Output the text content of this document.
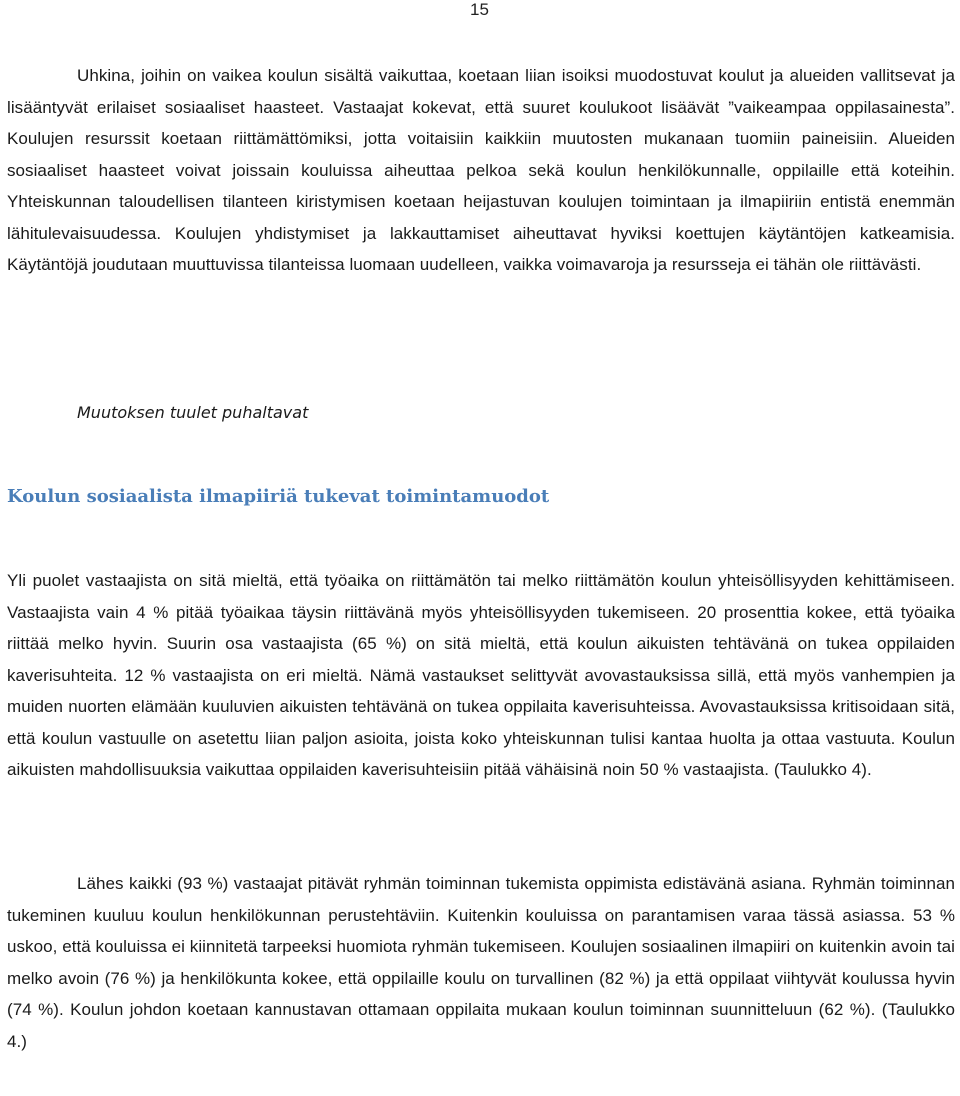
15

Uhkina, joihin on vaikea koulun sisältä vaikuttaa, koetaan liian isoiksi muodostuvat koulut ja alueiden vallitsevat ja lisääntyvät erilaiset sosiaaliset haasteet. Vastaajat kokevat, että suuret koulukoot lisäävät ”vaikeampaa oppilasainesta”. Koulujen resurssit koetaan riittämättömiksi, jotta voitaisiin kaikkiin muutosten mukanaan tuomiin paineisiin. Alueiden sosiaaliset haasteet voivat joissain kouluissa aiheuttaa pelkoa sekä koulun henkilökunnalle, oppilaille että koteihin. Yhteiskunnan taloudellisen tilanteen kiristymisen koetaan heijastuvan koulujen toimintaan ja ilmapiiriin entistä enemmän lähitulevaisuudessa. Koulujen yhdistymiset ja lakkauttamiset aiheuttavat hyviksi koettujen käytäntöjen katkeamisia. Käytäntöjä joudutaan muuttuvissa tilanteissa luomaan uudelleen, vaikka voimavaroja ja resursseja ei tähän ole riittävästi.

Muutoksen tuulet puhaltavat
Koulun sosiaalista ilmapiiriä tukevat toimintamuodot

Yli puolet vastaajista on sitä mieltä, että työaika on riittämätön tai melko riittämätön koulun yhteisöllisyyden kehittämiseen. Vastaajista vain 4 % pitää työaikaa täysin riittävänä myös yhteisöllisyyden tukemiseen. 20 prosenttia kokee, että työaika riittää melko hyvin. Suurin osa vastaajista (65 %) on sitä mieltä, että koulun aikuisten tehtävänä on tukea oppilaiden kaverisuhteita. 12 % vastaajista on eri mieltä. Nämä vastaukset selittyvät avovastauksissa sillä, että myös vanhempien ja muiden nuorten elämään kuuluvien aikuisten tehtävänä on tukea oppilaita kaverisuhteissa. Avovastauksissa kritisoidaan sitä, että koulun vastuulle on asetettu liian paljon asioita, joista koko yhteiskunnan tulisi kantaa huolta ja ottaa vastuuta. Koulun aikuisten mahdollisuuksia vaikuttaa oppilaiden kaverisuhteisiin pitää vähäisinä noin 50 % vastaajista. (Taulukko 4).

Lähes kaikki (93 %) vastaajat pitävät ryhmän toiminnan tukemista oppimista edistävänä asiana. Ryhmän toiminnan tukeminen kuuluu koulun henkilökunnan perustehtäviin. Kuitenkin kouluissa on parantamisen varaa tässä asiassa. 53 % uskoo, että kouluissa ei kiinnitetä tarpeeksi huomiota ryhmän tukemiseen. Koulujen sosiaalinen ilmapiiri on kuitenkin avoin tai melko avoin (76 %) ja henkilökunta kokee, että oppilaille koulu on turvallinen (82 %) ja että oppilaat viihtyvät koulussa hyvin (74 %). Koulun johdon koetaan kannustavan ottamaan oppilaita mukaan koulun toiminnan suunnitteluun (62 %). (Taulukko 4.)
